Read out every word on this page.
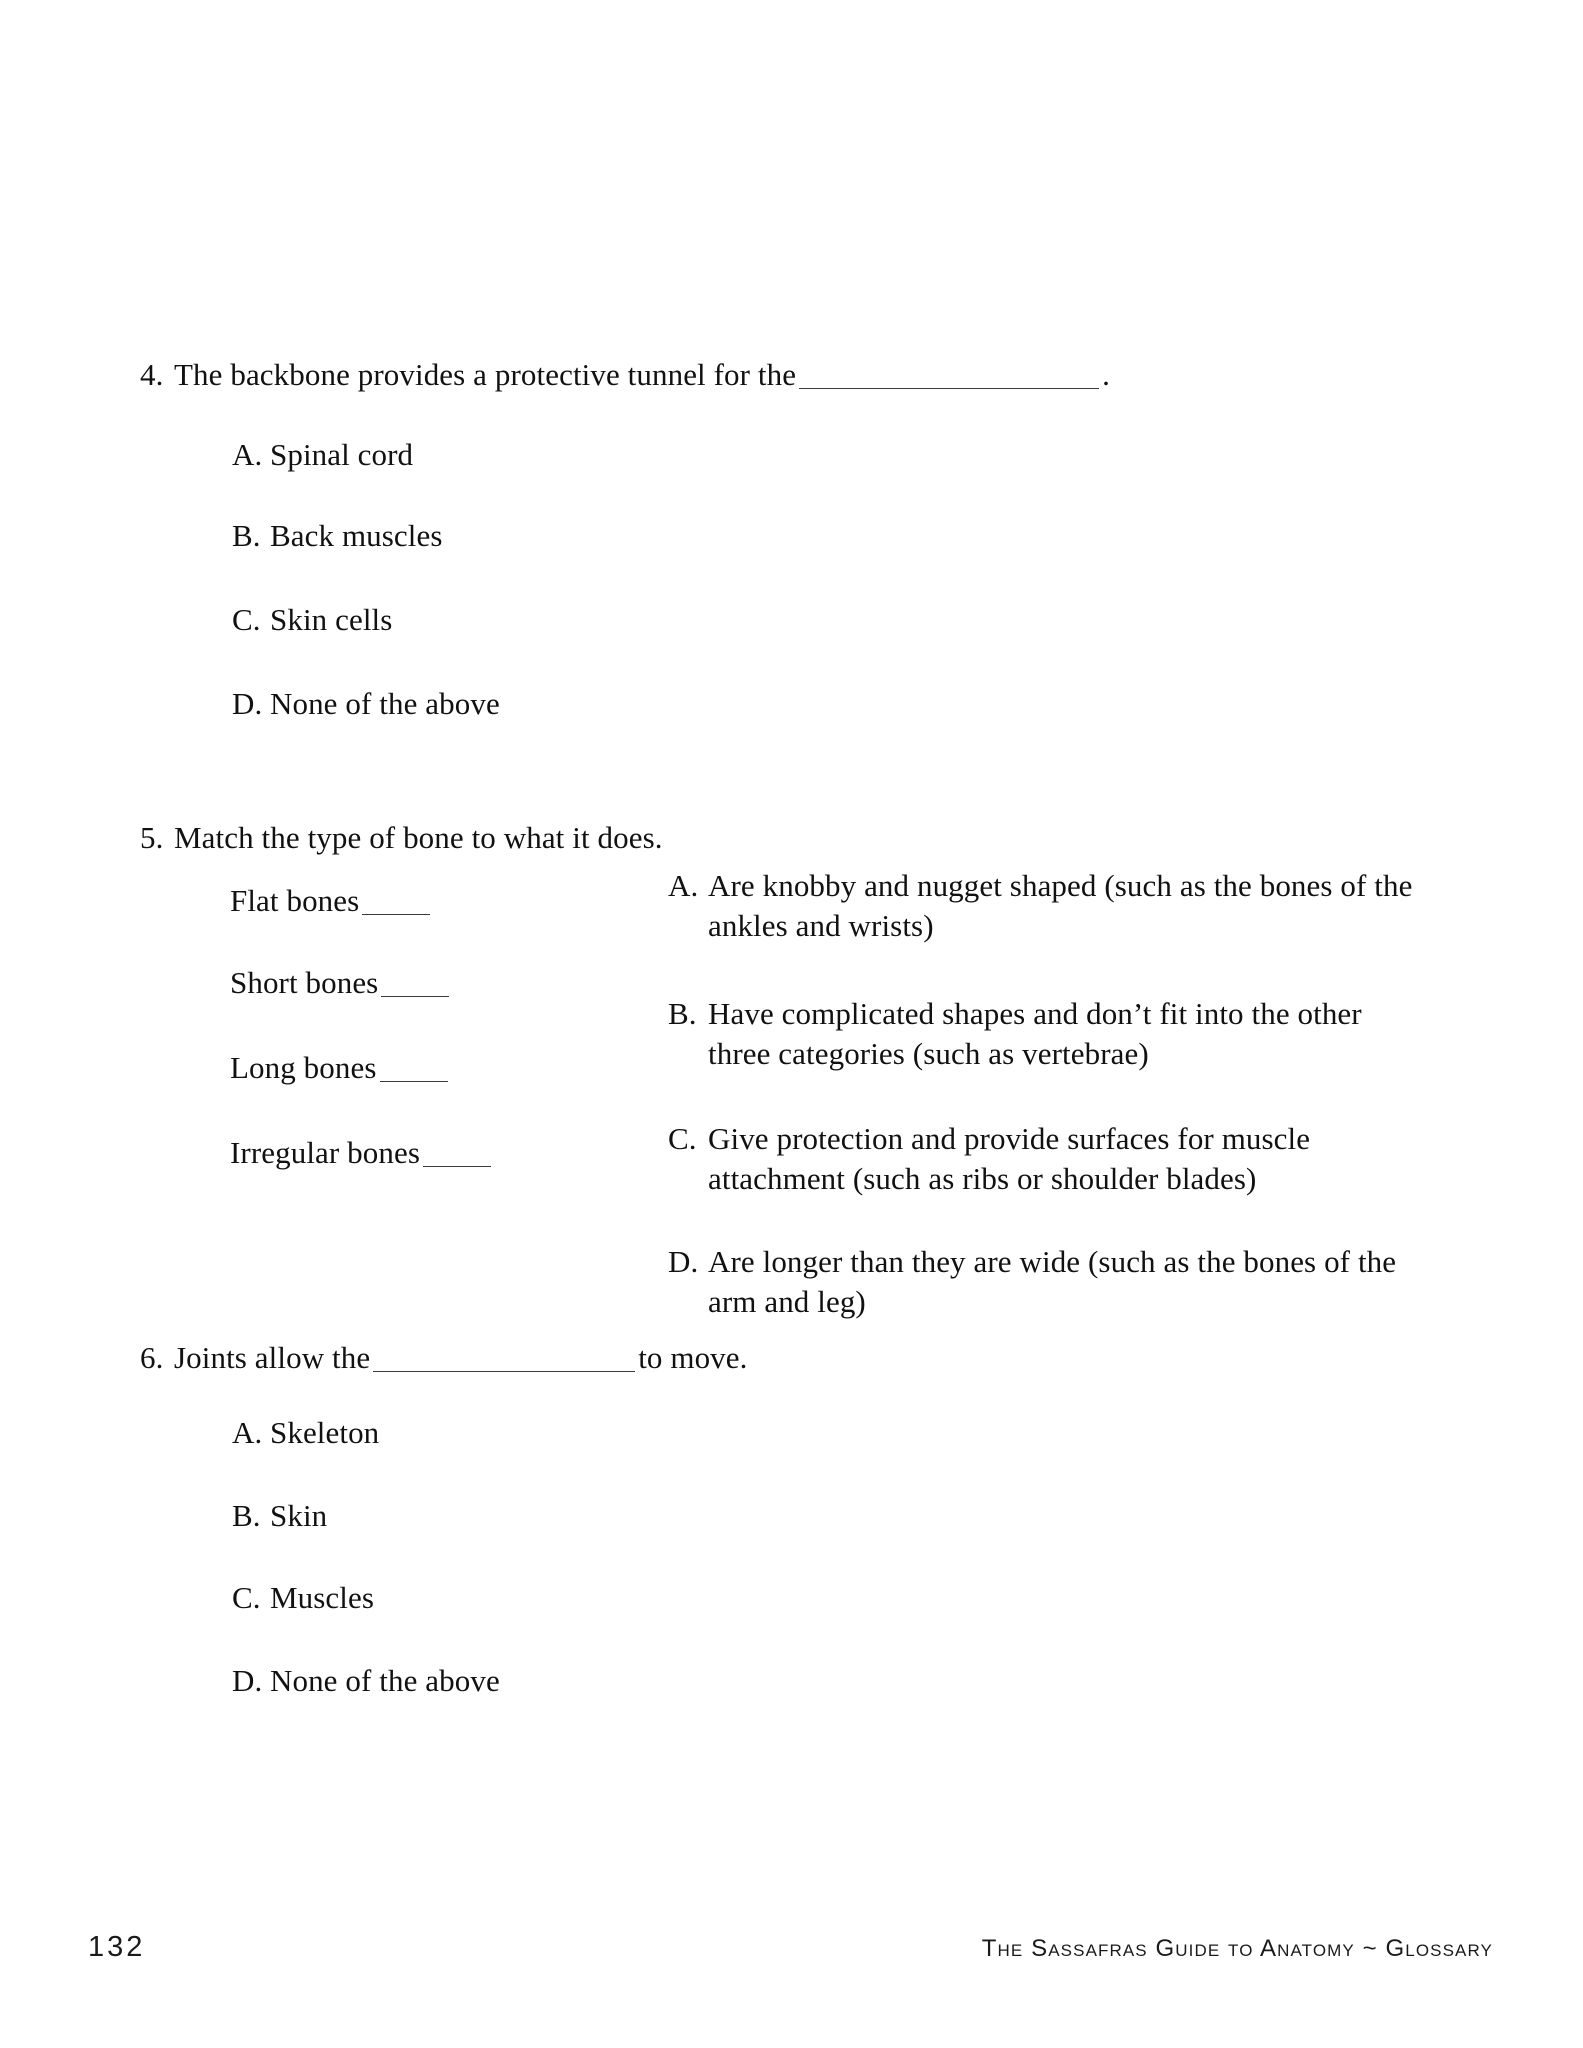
4. The backbone provides a protective tunnel for the	.
A. Spinal cord
B. Back muscles
C. Skin cells
D. None of the above
5. Match the type of bone to what it does.
Flat bones
Short bones
Long bones
Irregular bones
A. Are knobby and nugget shaped (such as the bones of the ankles and wrists)
B. Have complicated shapes and don’t fit into the other three categories (such as vertebrae)
C. Give protection and provide surfaces for muscle attachment (such as ribs or shoulder blades)
D. Are longer than they are wide (such as the bones of the arm and leg)
6. Joints allow the	to move.
A. Skeleton
B. Skin
C. Muscles
D. None of the above
132	The Sassafras Guide to Anatomy ~ Glossary
